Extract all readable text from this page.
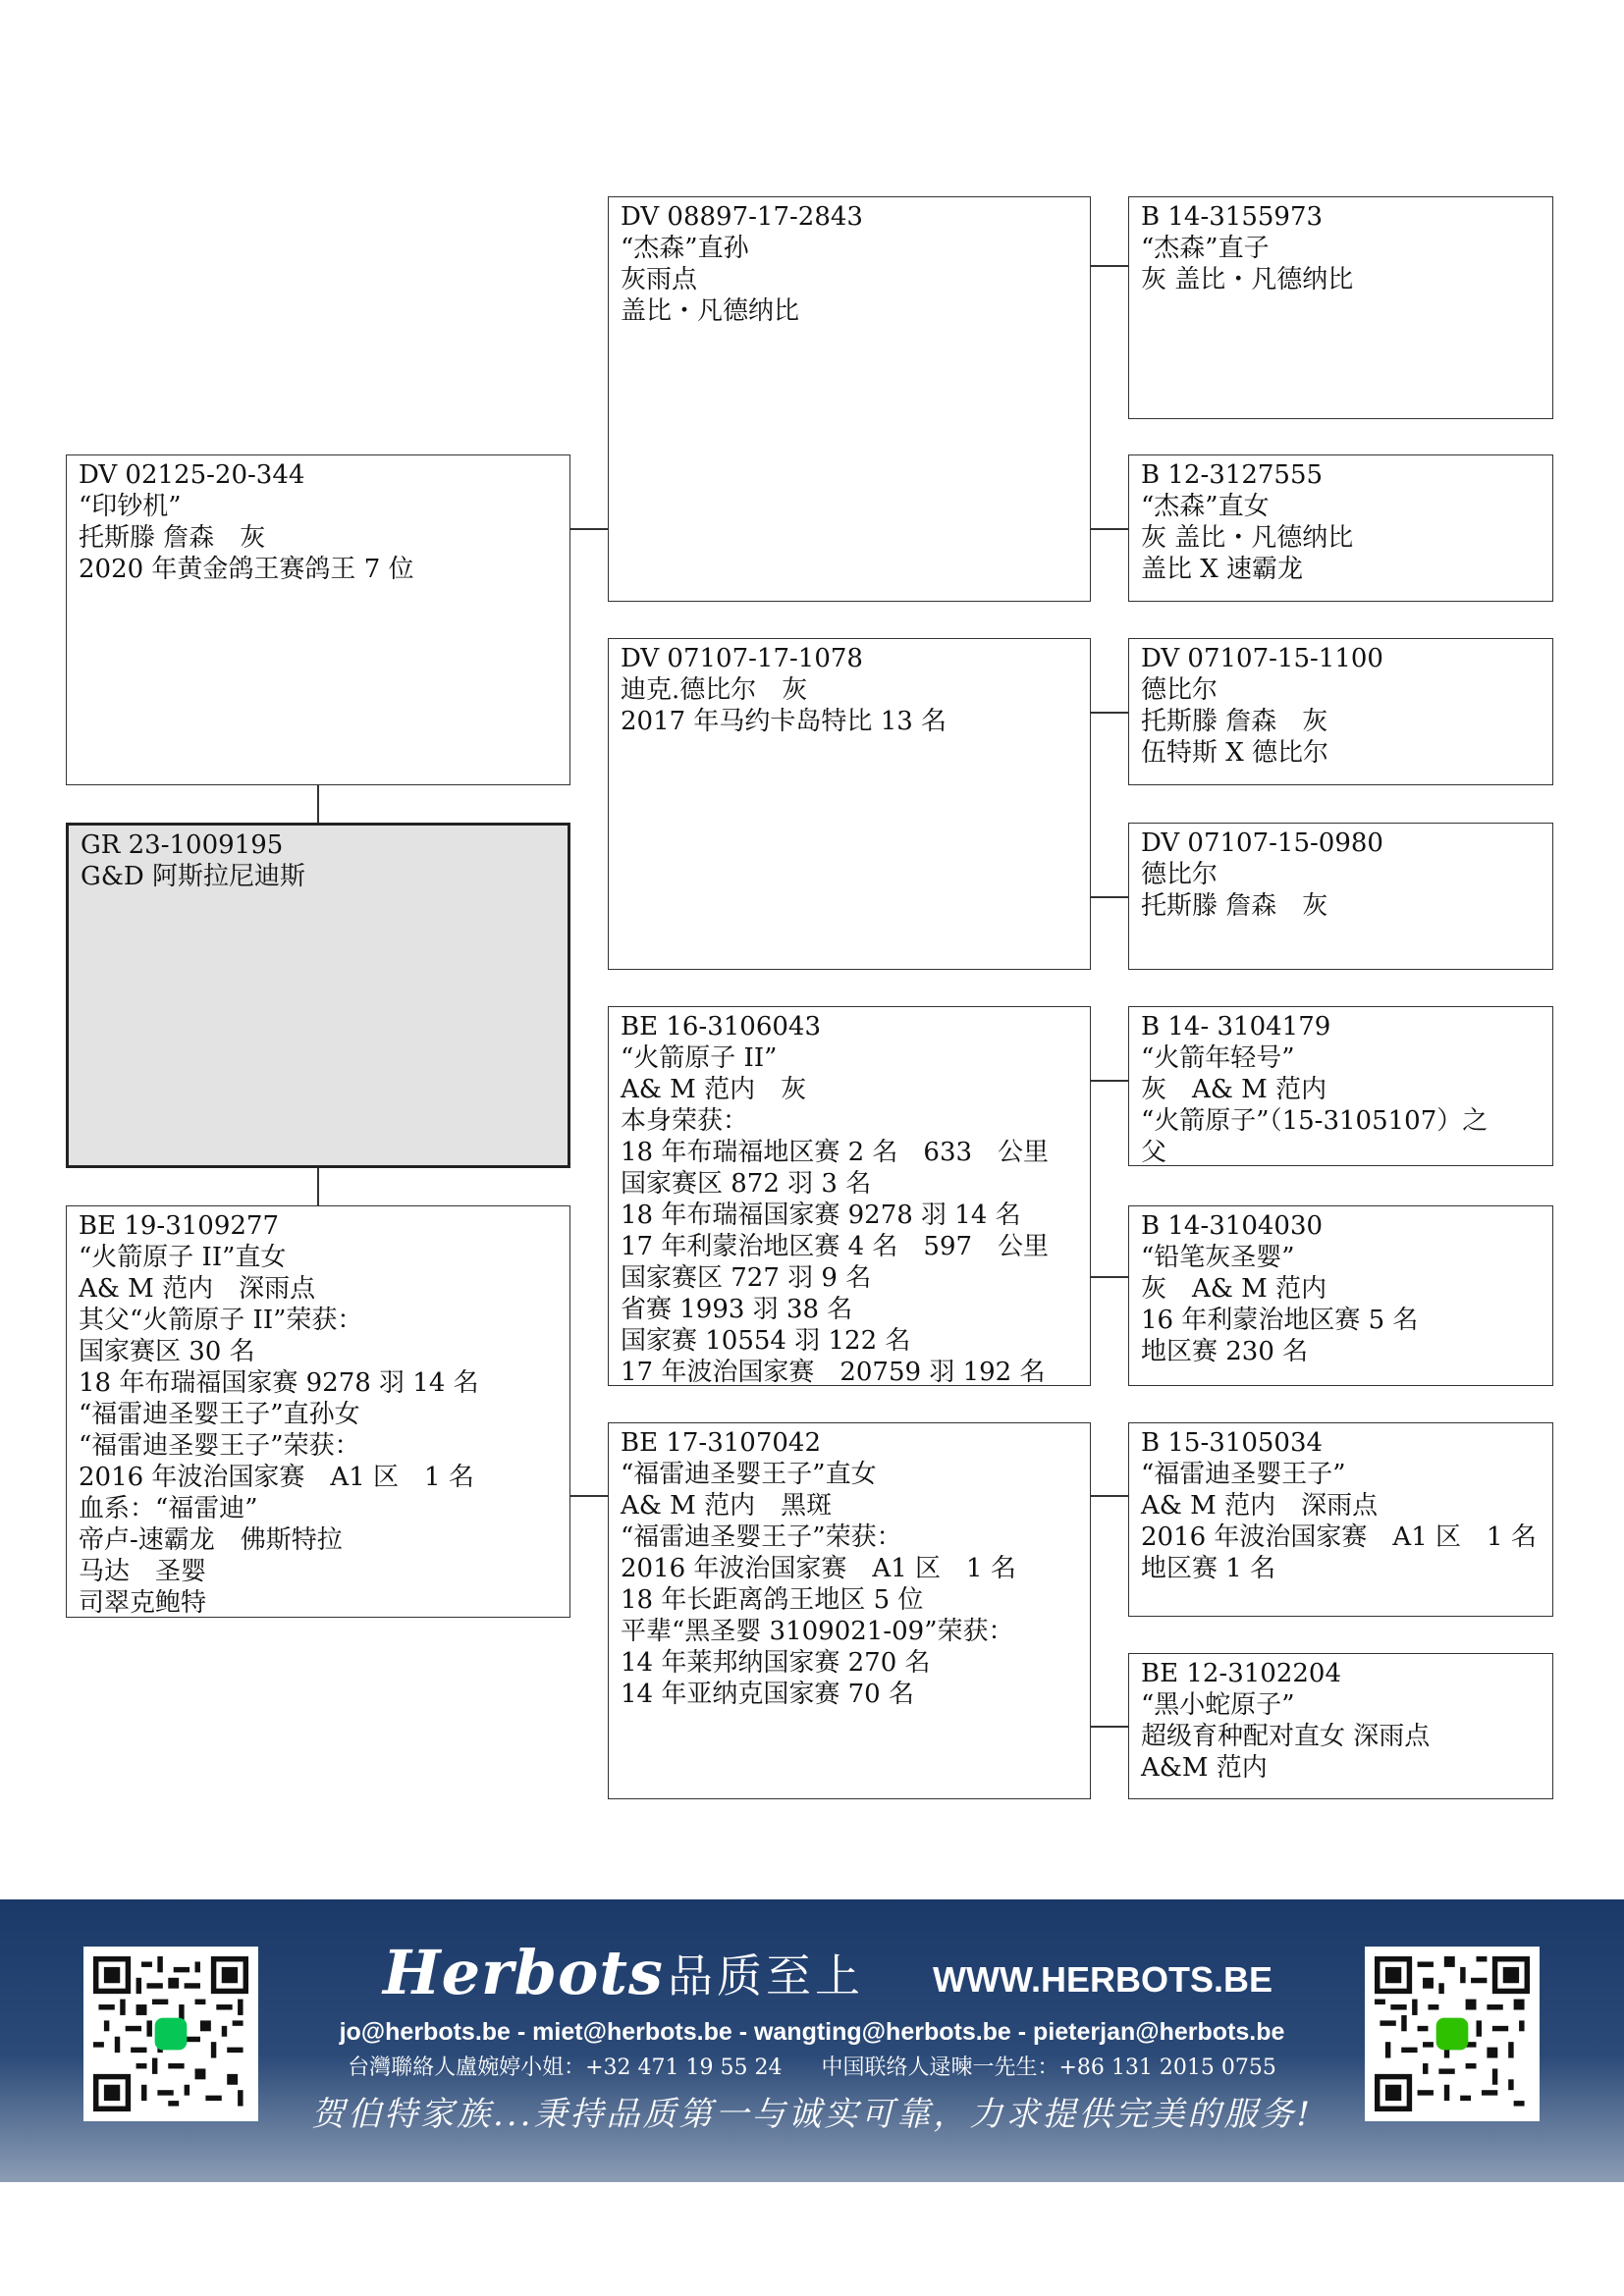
GR 23-1009195
G&D 阿斯拉尼迪斯
DV 02125-20-344
“印钞机”
托斯滕 詹森　灰
2020 年黄金鸽王赛鸽王 7 位
BE 19-3109277
“火箭原子 II”直女
A& M 范内　深雨点
其父“火箭原子 II”荣获：
国家赛区 30 名
18 年布瑞福国家赛 9278 羽 14 名
“福雷迪圣婴王子”直孙女
“福雷迪圣婴王子”荣获：
2016 年波治国家赛　A1 区　1 名
血系：“福雷迪”
帝卢-速霸龙　佛斯特拉
马达　圣婴
司翠克鲍特
DV 08897-17-2843
“杰森”直孙
灰雨点
盖比・凡德纳比
DV 07107-17-1078
迪克.德比尔　灰
2017 年马约卡岛特比 13 名
BE 16-3106043
“火箭原子 II”
A& M 范内　灰
本身荣获：
18 年布瑞福地区赛 2 名　633　公里
国家赛区 872 羽 3 名
18 年布瑞福国家赛 9278 羽 14 名
17 年利蒙治地区赛 4 名　597　公里
国家赛区 727 羽 9 名
省赛 1993 羽 38 名
国家赛 10554 羽 122 名
17 年波治国家赛　20759 羽 192 名
BE 17-3107042
“福雷迪圣婴王子”直女
A& M 范内　黑斑
“福雷迪圣婴王子”荣获：
2016 年波治国家赛　A1 区　1 名
18 年长距离鸽王地区 5 位
平辈“黑圣婴 3109021-09”荣获：
14 年莱邦纳国家赛 270 名
14 年亚纳克国家赛 70 名
B 14-3155973
“杰森”直子
灰 盖比・凡德纳比
B 12-3127555
“杰森”直女
灰 盖比・凡德纳比
盖比 X 速霸龙
DV 07107-15-1100
德比尔
托斯滕 詹森　灰
伍特斯 X 德比尔
DV 07107-15-0980
德比尔
托斯滕 詹森　灰
B 14- 3104179
“火箭年轻号”
灰　A& M 范内
“火箭原子”（15-3105107）之
父
B 14-3104030
“铅笔灰圣婴”
灰　A& M 范内
16 年利蒙治地区赛 5 名
地区赛 230 名
B 15-3105034
“福雷迪圣婴王子”
A& M 范内　深雨点
2016 年波治国家赛　A1 区　1 名
地区赛 1 名
BE 12-3102204
“黑小蛇原子”
超级育种配对直女 深雨点
A&M 范内
Herbots 品质至上 WWW.HERBOTS.BE
jo@herbots.be - miet@herbots.be - wangting@herbots.be - pieterjan@herbots.be
台灣聯絡人盧婉婷小姐：+32 471 19 55 24 中国联络人逯暕一先生：+86 131 2015 0755
贺伯特家族...秉持品质第一与诚实可靠，力求提供完美的服务!
